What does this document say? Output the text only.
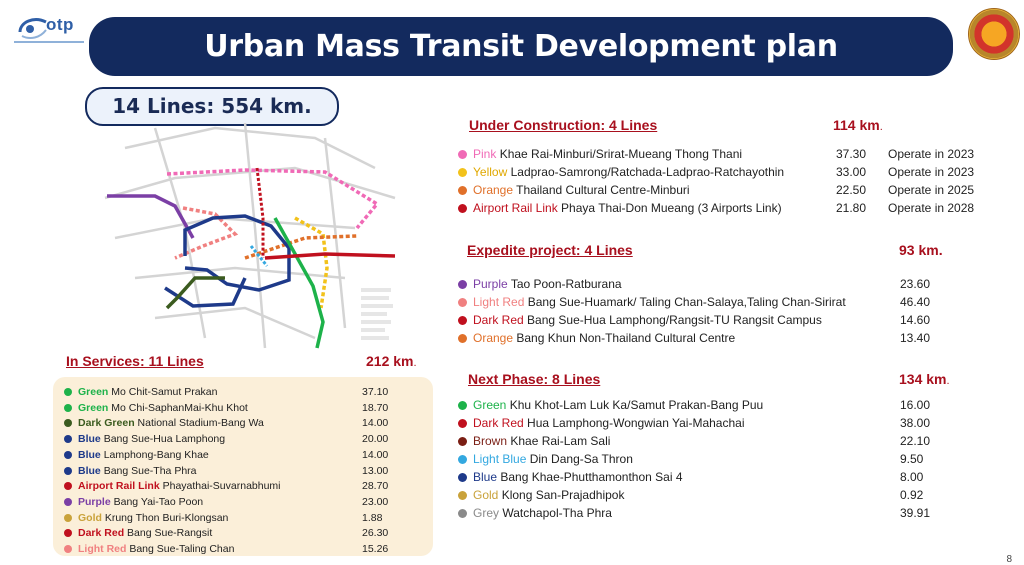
otp
Urban Mass Transit Development plan
14 Lines: 554 km.
In Services: 11 Lines	212 km.
Green Mo Chit-Samut Prakan	37.10
Green Mo Chi-SaphanMai-Khu Khot	18.70
Dark Green National Stadium-Bang Wa	14.00
Blue Bang Sue-Hua Lamphong	20.00
Blue Lamphong-Bang Khae	14.00
Blue Bang Sue-Tha Phra	13.00
Airport Rail Link Phayathai-Suvarnabhumi	28.70
Purple Bang Yai-Tao Poon	23.00
Gold Krung Thon Buri-Klongsan	1.88
Dark Red Bang Sue-Rangsit	26.30
Light Red Bang Sue-Taling Chan	15.26
Under Construction: 4 Lines	114 km.
Pink Khae Rai-Minburi/Srirat-Mueang Thong Thani	37.30 Operate in 2023
Yellow Ladprao-Samrong/Ratchada-Ladprao-Ratchayothin	33.00 Operate in 2023
Orange Thailand Cultural Centre-Minburi	22.50 Operate in 2025
Airport Rail Link Phaya Thai-Don Mueang (3 Airports Link)	21.80 Operate in 2028
Expedite project: 4 Lines	93 km.
Purple Tao Poon-Ratburana	23.60
Light Red Bang Sue-Huamark/ Taling Chan-Salaya,Taling Chan-Sirirat	46.40
Dark Red Bang Sue-Hua Lamphong/Rangsit-TU Rangsit Campus	14.60
Orange Bang Khun Non-Thailand Cultural Centre	13.40
Next Phase: 8 Lines	134 km.
Green Khu Khot-Lam Luk Ka/Samut Prakan-Bang Puu	16.00
Dark Red Hua Lamphong-Wongwian Yai-Mahachai	38.00
Brown Khae Rai-Lam Sali	22.10
Light Blue Din Dang-Sa Thron	9.50
Blue Bang Khae-Phutthamonthon Sai 4	8.00
Gold Klong San-Prajadhipok	0.92
Grey Watchapol-Tha Phra	39.91
8
